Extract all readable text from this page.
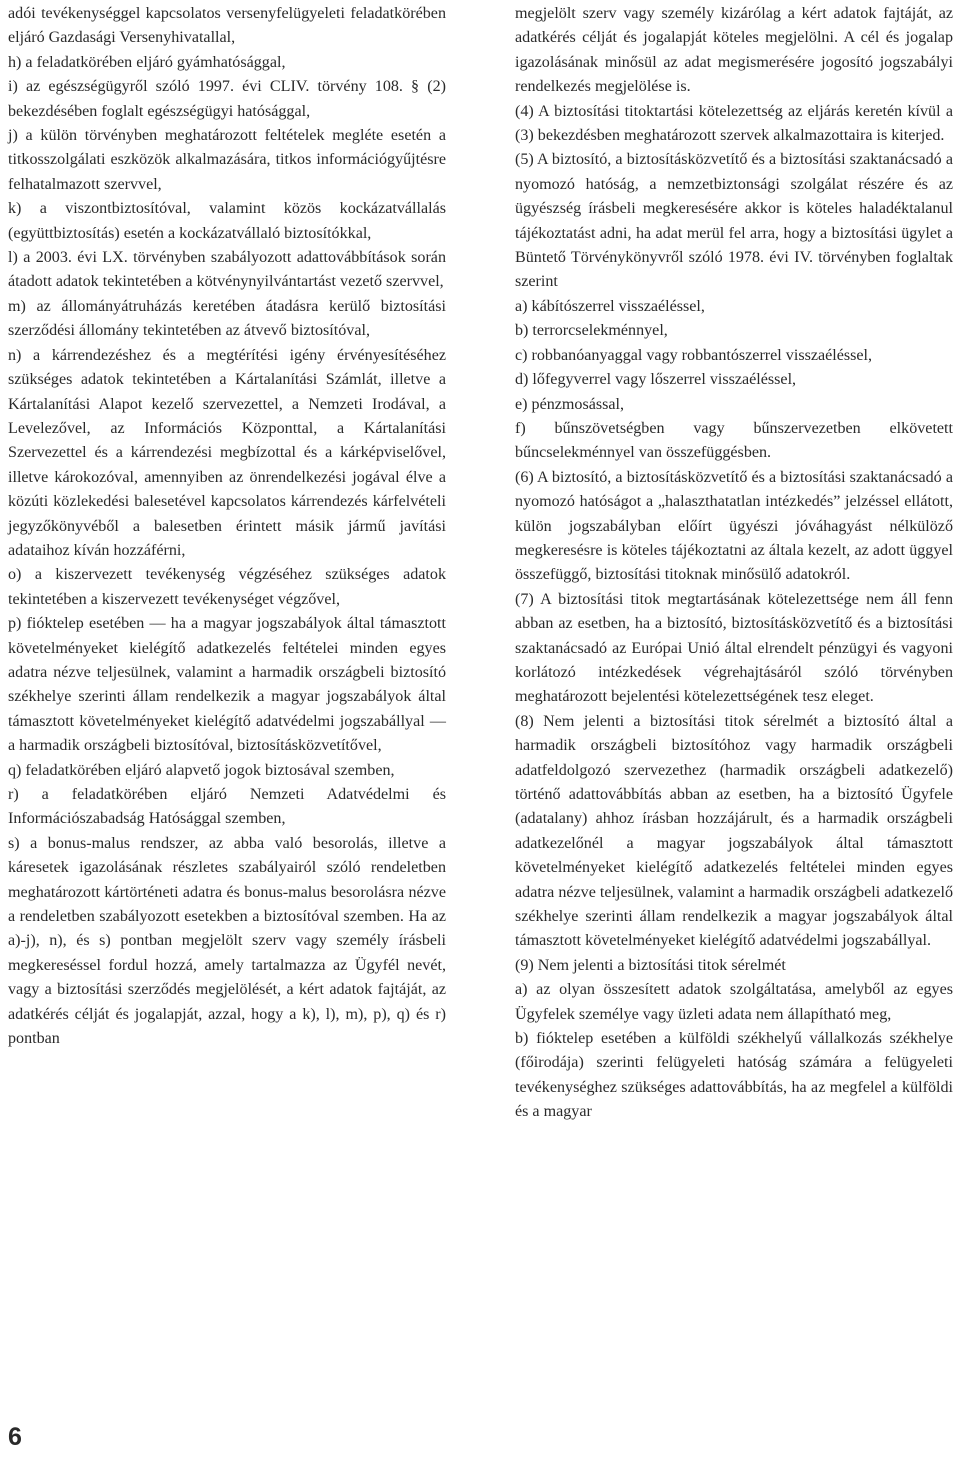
adói tevékenységgel kapcsolatos versenyfelügyeleti feladatkörében eljáró Gazdasági Versenyhivatallal,

h) a feladatkörében eljáró gyámhatósággal,

i) az egészségügyről szóló 1997. évi CLIV. törvény 108. § (2) bekezdésében foglalt egészségügyi hatósággal,

j) a külön törvényben meghatározott feltételek megléte esetén a titkosszolgálati eszközök alkalmazására, titkos információgyűjtésre felhatalmazott szervvel,

k) a viszontbiztosítóval, valamint közös kockázatvállalás (együttbiztosítás) esetén a kockázatvállaló biztosítókkal,

l) a 2003. évi LX. törvényben szabályozott adattovábbítások során átadott adatok tekintetében a kötvénynyilvántartást vezető szervvel,

m) az állományátruházás keretében átadásra kerülő biztosítási szerződési állomány tekintetében az átvevő biztosítóval,

n) a kárrendezéshez és a megtérítési igény érvényesítéséhez szükséges adatok tekintetében a Kártalanítási Számlát, illetve a Kártalanítási Alapot kezelő szervezettel, a Nemzeti Irodával, a Levelezővel, az Információs Központtal, a Kártalanítási Szervezettel és a kárrendezési megbízottal és a kárképviselővel, illetve károkozóval, amennyiben az önrendelkezési jogával élve a közúti közlekedési balesetével kapcsolatos kárrendezés kárfelvételi jegyzőkönyvéből a balesetben érintett másik jármű javítási adataihoz kíván hozzáférni,

o) a kiszervezett tevékenység végzéséhez szükséges adatok tekintetében a kiszervezett tevékenységet végzővel,

p) fióktelep esetében — ha a magyar jogszabályok által támasztott követelményeket kielégítő adatkezelés feltételei minden egyes adatra nézve teljesülnek, valamint a harmadik országbeli biztosító székhelye szerinti állam rendelkezik a magyar jogszabályok által támasztott követelményeket kielégítő adatvédelmi jogszabállyal — a harmadik országbeli biztosítóval, biztosításközvetítővel,

q) feladatkörében eljáró alapvető jogok biztosával szemben,

r) a feladatkörében eljáró Nemzeti Adatvédelmi és Információszabadság Hatósággal szemben,

s) a bonus-malus rendszer, az abba való besorolás, illetve a káresetek igazolásának részletes szabályairól szóló rendeletben meghatározott kártörténeti adatra és bonus-malus besorolásra nézve a rendeletben szabályozott esetekben a biztosítóval szemben. Ha az a)-j), n), és s) pontban megjelölt szerv vagy személy írásbeli megkereséssel fordul hozzá, amely tartalmazza az Ügyfél nevét, vagy a biztosítási szerződés megjelölését, a kért adatok fajtáját, az adatkérés célját és jogalapját, azzal, hogy a k), l), m), p), q) és r) pontban

megjelölt szerv vagy személy kizárólag a kért adatok fajtáját, az adatkérés célját és jogalapját köteles megjelölni. A cél és jogalap igazolásának minősül az adat megismerésére jogosító jogszabályi rendelkezés megjelölése is.

(4) A biztosítási titoktartási kötelezettség az eljárás keretén kívül a (3) bekezdésben meghatározott szervek alkalmazottaira is kiterjed.

(5) A biztosító, a biztosításközvetítő és a biztosítási szaktanácsadó a nyomozó hatóság, a nemzetbiztonsági szolgálat részére és az ügyészség írásbeli megkeresésére akkor is köteles haladéktalanul tájékoztatást adni, ha adat merül fel arra, hogy a biztosítási ügylet a Büntető Törvénykönyvről szóló 1978. évi IV. törvényben foglaltak szerint

a) kábítószerrel visszaéléssel,

b) terrorcselekménnyel,

c) robbanóanyaggal vagy robbantószerrel visszaéléssel,

d) lőfegyverrel vagy lőszerrel visszaéléssel,

e) pénzmosással,

f) bűnszövetségben vagy bűnszervezetben elkövetett bűncselekménnyel van összefüggésben.

(6) A biztosító, a biztosításközvetítő és a biztosítási szaktanácsadó a nyomozó hatóságot a „halaszthatatlan intézkedés” jelzéssel ellátott, külön jogszabályban előírt ügyészi jóváhagyást nélkülöző megkeresésre is köteles tájékoztatni az általa kezelt, az adott üggyel összefüggő, biztosítási titoknak minősülő adatokról.

(7) A biztosítási titok megtartásának kötelezettsége nem áll fenn abban az esetben, ha a biztosító, biztosításközvetítő és a biztosítási szaktanácsadó az Európai Unió által elrendelt pénzügyi és vagyoni korlátozó intézkedések végrehajtásáról szóló törvényben meghatározott bejelentési kötelezettségének tesz eleget.

(8) Nem jelenti a biztosítási titok sérelmét a biztosító által a harmadik országbeli biztosítóhoz vagy harmadik országbeli adatfeldolgozó szervezethez (harmadik országbeli adatkezelő) történő adattovábbítás abban az esetben, ha a biztosító Ügyfele (adatalany) ahhoz írásban hozzájárult, és a harmadik országbeli adatkezelőnél a magyar jogszabályok által támasztott követelményeket kielégítő adatkezelés feltételei minden egyes adatra nézve teljesülnek, valamint a harmadik országbeli adatkezelő székhelye szerinti állam rendelkezik a magyar jogszabályok által támasztott követelményeket kielégítő adatvédelmi jogszabállyal.

(9) Nem jelenti a biztosítási titok sérelmét

a) az olyan összesített adatok szolgáltatása, amelyből az egyes Ügyfelek személye vagy üzleti adata nem állapítható meg,

b) fióktelep esetében a külföldi székhelyű vállalkozás székhelye (főirodája) szerinti felügyeleti hatóság számára a felügyeleti tevékenységhez szükséges adattovábbítás, ha az megfelel a külföldi és a magyar

6
